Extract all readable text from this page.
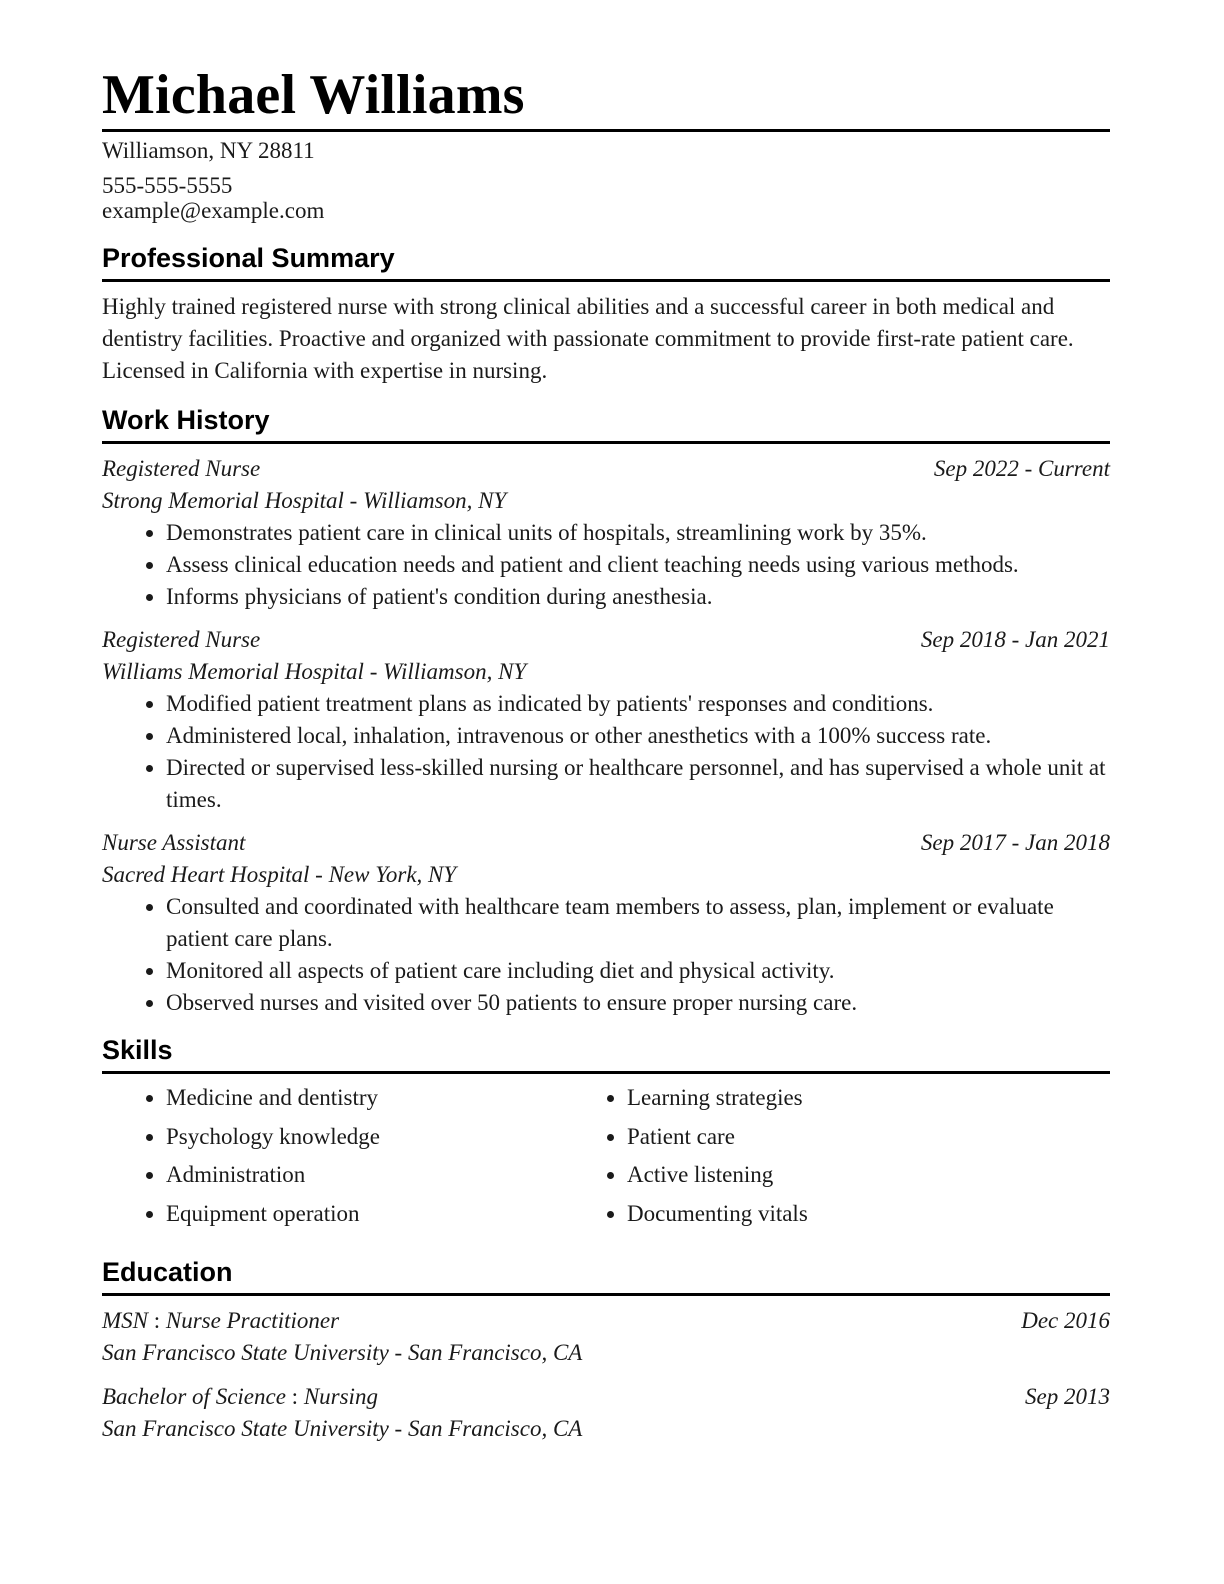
Michael Williams
Williamson, NY 28811
555-555-5555
example@example.com
Professional Summary
Highly trained registered nurse with strong clinical abilities and a successful career in both medical and dentistry facilities. Proactive and organized with passionate commitment to provide first-rate patient care. Licensed in California with expertise in nursing.
Work History
Registered Nurse	Sep 2022 - Current
Strong Memorial Hospital - Williamson, NY
• Demonstrates patient care in clinical units of hospitals, streamlining work by 35%.
• Assess clinical education needs and patient and client teaching needs using various methods.
• Informs physicians of patient's condition during anesthesia.
Registered Nurse	Sep 2018 - Jan 2021
Williams Memorial Hospital - Williamson, NY
• Modified patient treatment plans as indicated by patients' responses and conditions.
• Administered local, inhalation, intravenous or other anesthetics with a 100% success rate.
• Directed or supervised less-skilled nursing or healthcare personnel, and has supervised a whole unit at times.
Nurse Assistant	Sep 2017 - Jan 2018
Sacred Heart Hospital - New York, NY
• Consulted and coordinated with healthcare team members to assess, plan, implement or evaluate patient care plans.
• Monitored all aspects of patient care including diet and physical activity.
• Observed nurses and visited over 50 patients to ensure proper nursing care.
Skills
• Medicine and dentistry
• Psychology knowledge
• Administration
• Equipment operation
• Learning strategies
• Patient care
• Active listening
• Documenting vitals
Education
MSN : Nurse Practitioner	Dec 2016
San Francisco State University - San Francisco, CA
Bachelor of Science : Nursing	Sep 2013
San Francisco State University - San Francisco, CA
